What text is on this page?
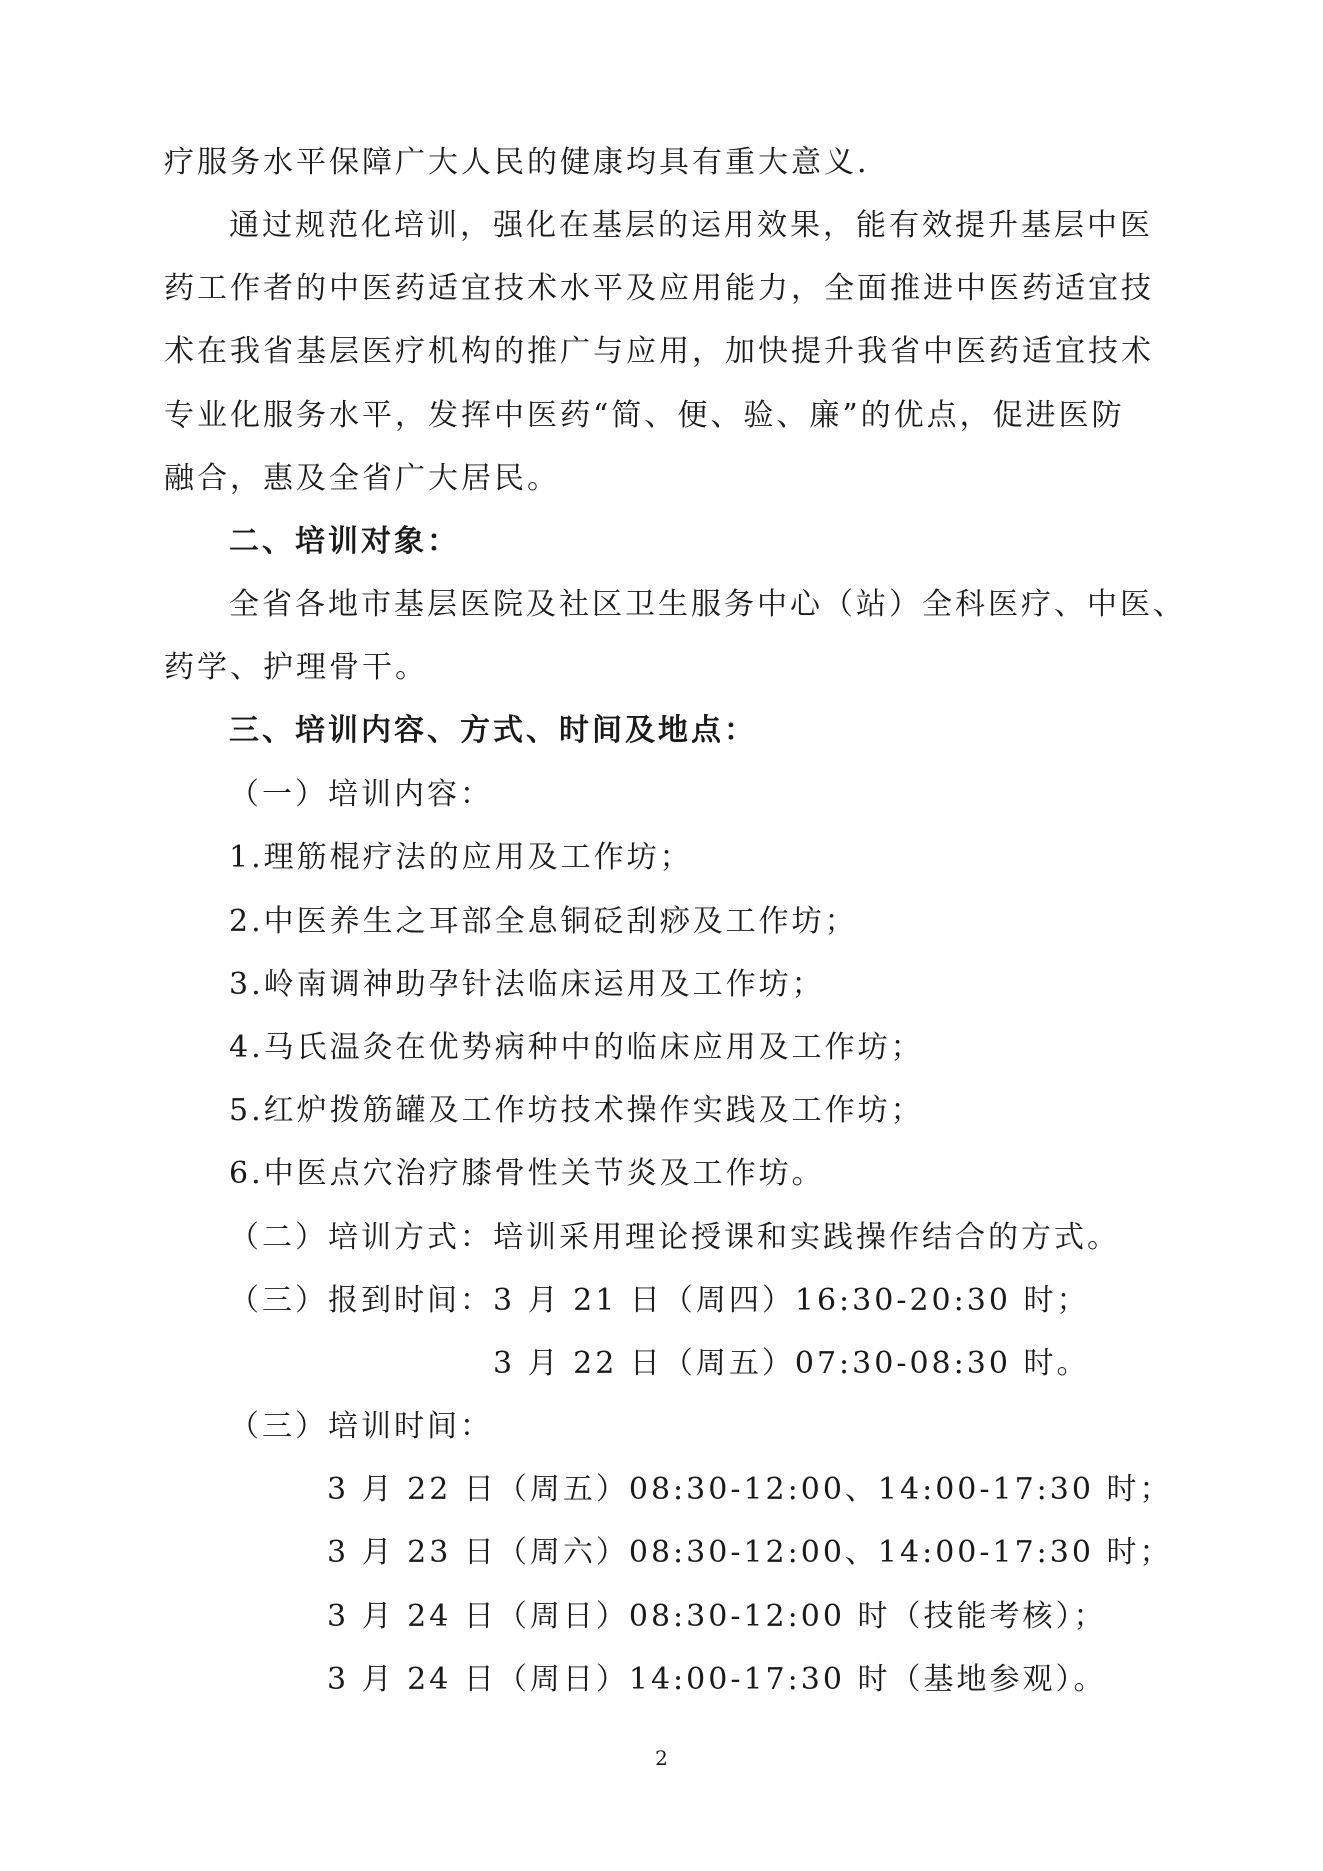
疗服务水平保障广大人民的健康均具有重大意义.
通过规范化培训，强化在基层的运用效果，能有效提升基层中医
药工作者的中医药适宜技术水平及应用能力，全面推进中医药适宜技
术在我省基层医疗机构的推广与应用，加快提升我省中医药适宜技术
专业化服务水平，发挥中医药“简、便、验、廉”的优点，促进医防
融合，惠及全省广大居民。
二、培训对象：
全省各地市基层医院及社区卫生服务中心（站）全科医疗、中医、
药学、护理骨干。
三、培训内容、方式、时间及地点：
（一）培训内容：
1.理筋棍疗法的应用及工作坊；
2.中医养生之耳部全息铜砭刮痧及工作坊；
3.岭南调神助孕针法临床运用及工作坊；
4.马氏温灸在优势病种中的临床应用及工作坊；
5.红炉拨筋罐及工作坊技术操作实践及工作坊；
6.中医点穴治疗膝骨性关节炎及工作坊。
（二）培训方式：培训采用理论授课和实践操作结合的方式。
（三）报到时间：3 月 21 日（周四）16:30-20:30 时；
3 月 22 日（周五）07:30-08:30 时。
（三）培训时间：
3 月 22 日（周五）08:30-12:00、14:00-17:30 时；
3 月 23 日（周六）08:30-12:00、14:00-17:30 时；
3 月 24 日（周日）08:30-12:00 时（技能考核）；
3 月 24 日（周日）14:00-17:30 时（基地参观）。
2
